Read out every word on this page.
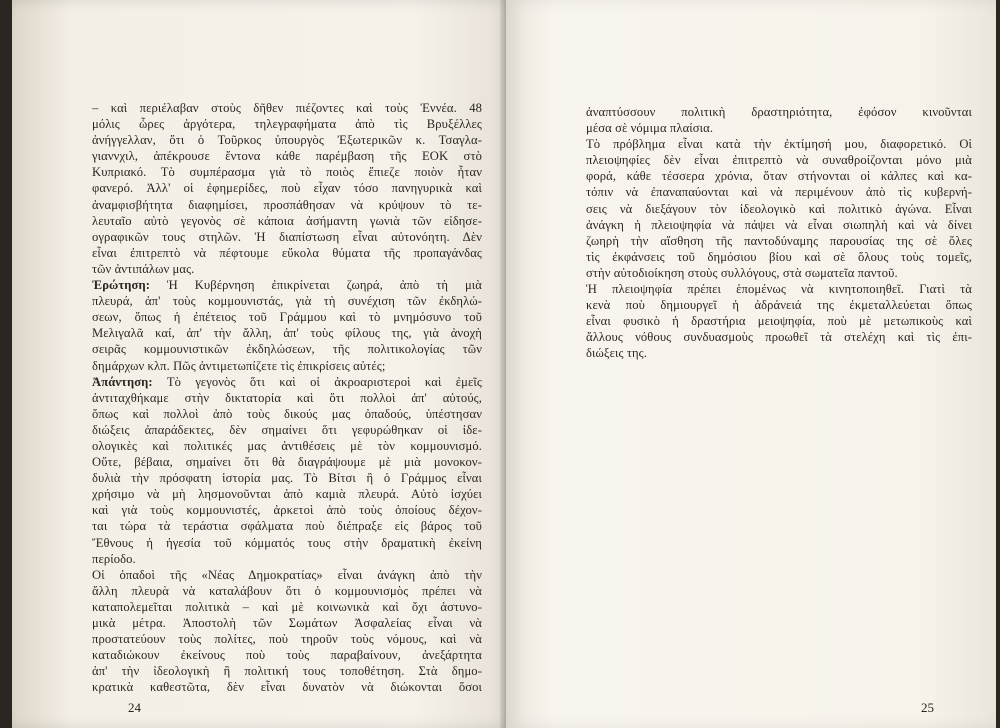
– καὶ περιέλαβαν στοὺς δῆθεν πιέζοντες καὶ τοὺς Ἐννέα. 48
μόλις ὧρες ἀργότερα, τηλεγραφήματα ἀπὸ τὶς Βρυξέλλες
ἀνήγγελλαν, ὅτι ὁ Τοῦρκος ὑπουργὸς Ἐξωτερικῶν κ. Τσαγλα-
γιαννχιλ, ἀπέκρουσε ἔντονα κάθε παρέμβαση τῆς ΕΟΚ στὸ
Κυπριακό. Τὸ συμπέρασμα γιὰ τὸ ποιὸς ἔπιεζε ποιὸν ἦταν
φανερό. Ἀλλ' οἱ ἐφημερίδες, ποὺ εἶχαν τόσο πανηγυρικὰ καὶ
ἀναμφισβήτητα διαφημίσει, προσπάθησαν νὰ κρύψουν τὸ τε-
λευταῖο αὐτὸ γεγονὸς σὲ κάποια ἀσήμαντη γωνιὰ τῶν εἰδησε-
ογραφικῶν τους στηλῶν. Ἡ διαπίστωση εἶναι αὐτονόητη. Δὲν
εἶναι ἐπιτρεπτὸ νὰ πέφτουμε εὔκολα θύματα τῆς προπαγάνδας
τῶν ἀντιπάλων μας.
Ἐρώτηση: Ἡ Κυβέρνηση ἐπικρίνεται ζωηρά, ἀπὸ τὴ μιὰ
πλευρά, ἀπ' τοὺς κομμουνιστάς, γιὰ τὴ συνέχιση τῶν ἐκδηλώ-
σεων, ὅπως ἡ ἐπέτειος τοῦ Γράμμου καὶ τὸ μνημόσυνο τοῦ
Μελιγαλᾶ καί, ἀπ' τὴν ἄλλη, ἀπ' τοὺς φίλους της, γιὰ ἀνοχὴ
σειρᾶς κομμουνιστικῶν ἐκδηλώσεων, τῆς πολιτικολογίας τῶν
δημάρχων κλπ. Πῶς ἀντιμετωπίζετε τὶς ἐπικρίσεις αὐτές;
Ἀπάντηση: Τὸ γεγονὸς ὅτι καὶ οἱ ἀκροαριστεροὶ καὶ ἐμεῖς
ἀντιταχθήκαμε στὴν δικτατορία καὶ ὅτι πολλοὶ ἀπ' αὐτούς,
ὅπως καὶ πολλοὶ ἀπὸ τοὺς δικούς μας ὀπαδούς, ὑπέστησαν
διώξεις ἀπαράδεκτες, δὲν σημαίνει ὅτι γεφυρώθηκαν οἱ ἰδε-
ολογικὲς καὶ πολιτικές μας ἀντιθέσεις μὲ τὸν κομμουνισμό.
Οὔτε, βέβαια, σημαίνει ὅτι θὰ διαγράψουμε μὲ μιὰ μονοκον-
δυλιὰ τὴν πρόσφατη ἱστορία μας. Τὸ Βίτσι ἢ ὁ Γράμμος εἶναι
χρήσιμο νὰ μὴ λησμονοῦνται ἀπὸ καμιὰ πλευρά. Αὐτὸ ἰσχύει
καὶ γιὰ τοὺς κομμουνιστές, ἀρκετοὶ ἀπὸ τοὺς ὁποίους δέχον-
ται τώρα τὰ τεράστια σφάλματα ποὺ διέπραξε εἰς βάρος τοῦ
Ἔθνους ἡ ἡγεσία τοῦ κόμματός τους στὴν δραματικὴ ἐκείνη
περίοδο.
Οἱ ὀπαδοὶ τῆς «Νέας Δημοκρατίας» εἶναι ἀνάγκη ἀπὸ τὴν
ἄλλη πλευρὰ νὰ καταλάβουν ὅτι ὁ κομμουνισμὸς πρέπει νὰ
καταπολεμεῖται πολιτικὰ – καὶ μὲ κοινωνικὰ καὶ ὄχι ἀστυνο-
μικὰ μέτρα. Ἀποστολὴ τῶν Σωμάτων Ἀσφαλείας εἶναι νὰ
προστατεύουν τοὺς πολίτες, ποὺ τηροῦν τοὺς νόμους, καὶ νὰ
καταδιώκουν ἐκείνους ποὺ τοὺς παραβαίνουν, ἀνεξάρτητα
ἀπ' τὴν ἰδεολογικὴ ἢ πολιτική τους τοποθέτηση. Στὰ δημο-
κρατικὰ καθεστῶτα, δὲν εἶναι δυνατὸν νὰ διώκονται ὅσοι
24
ἀναπτύσσουν πολιτικὴ δραστηριότητα, ἐφόσον κινοῦνται
μέσα σὲ νόμιμα πλαίσια.
Τὸ πρόβλημα εἶναι κατὰ τὴν ἐκτίμησή μου, διαφορετικό. Οἱ
πλειοψηφίες δὲν εἶναι ἐπιτρεπτὸ νὰ συναθροίζονται μόνο μιὰ
φορά, κάθε τέσσερα χρόνια, ὅταν στήνονται οἱ κάλπες καὶ κα-
τόπιν νὰ ἐπαναπαύονται καὶ νὰ περιμένουν ἀπὸ τὶς κυβερνή-
σεις νὰ διεξάγουν τὸν ἰδεολογικὸ καὶ πολιτικὸ ἀγώνα. Εἶναι
ἀνάγκη ἡ πλειοψηφία νὰ πάψει νὰ εἶναι σιωπηλὴ καὶ νὰ δίνει
ζωηρὴ τὴν αἴσθηση τῆς παντοδύναμης παρουσίας της σὲ ὅλες
τὶς ἐκφάνσεις τοῦ δημόσιου βίου καὶ σὲ ὅλους τοὺς τομεῖς,
στὴν αὐτοδιοίκηση στοὺς συλλόγους, στὰ σωματεῖα παντοῦ.
Ἡ πλειοψηφία πρέπει ἑπομένως νὰ κινητοποιηθεῖ. Γιατὶ τὰ
κενὰ ποὺ δημιουργεῖ ἡ ἀδράνειά της ἐκμεταλλεύεται ὅπως
εἶναι φυσικὸ ἡ δραστήρια μειοψηφία, ποὺ μὲ μετωπικοὺς καὶ
ἄλλους νόθους συνδυασμοὺς προωθεῖ τὰ στελέχη καὶ τὶς ἐπι-
διώξεις της.
25
